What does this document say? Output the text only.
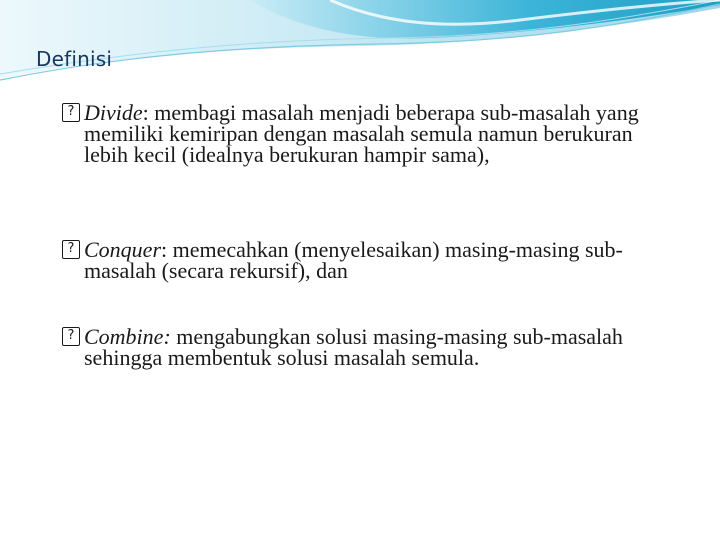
Definisi
? Divide: membagi masalah menjadi beberapa sub-masalah yang memiliki kemiripan dengan masalah semula namun berukuran lebih kecil (idealnya berukuran hampir sama),
? Conquer: memecahkan (menyelesaikan) masing-masing sub-masalah (secara rekursif), dan
? Combine: mengabungkan solusi masing-masing sub-masalah sehingga membentuk solusi masalah semula.
